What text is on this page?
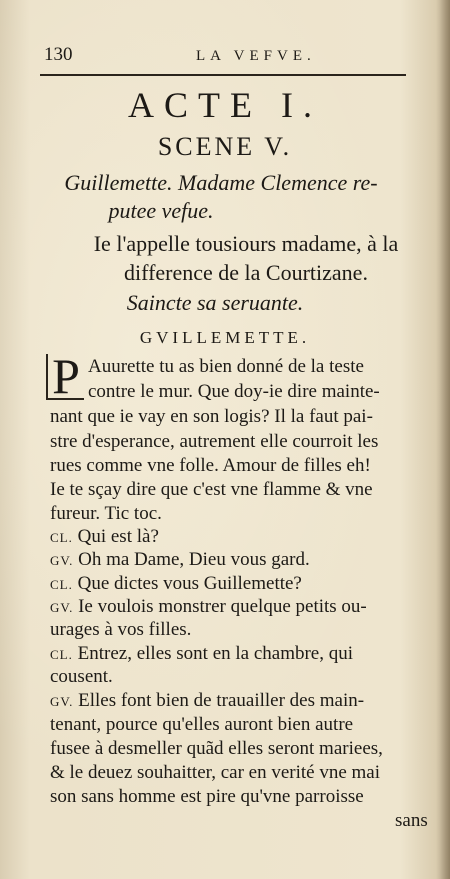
130	LA VEFVE.
ACTE I.
SCENE V.
Guillemette. Madame Clemence re-
putee vefue.
Ie l'appelle tousiours madame, à la
difference de la Courtizane.
Saincte sa seruante.
GVILLEMETTE.
P Auurette tu as bien donné de la teste
contre le mur. Que doy-ie dire mainte-
nant que ie vay en son logis? Il la faut pai-
stre d'esperance, autrement elle courroit les
rues comme vne folle. Amour de filles eh!
Ie te sçay dire que c'est vne flamme & vne
fureur. Tic toc.
CL. Qui est là?
GV. Oh ma Dame, Dieu vous gard.
CL. Que dictes vous Guillemette?
GV. Ie voulois monstrer quelque petits ou-
urages à vos filles.
CL. Entrez, elles sont en la chambre, qui
cousent.
GV. Elles font bien de trauailler des main-
tenant, pource qu'elles auront bien autre
fusee à desmeller quãd elles seront mariees,
& le deuez souhaitter, car en verité vne mai
son sans homme est pire qu'vne parroisse
sans
